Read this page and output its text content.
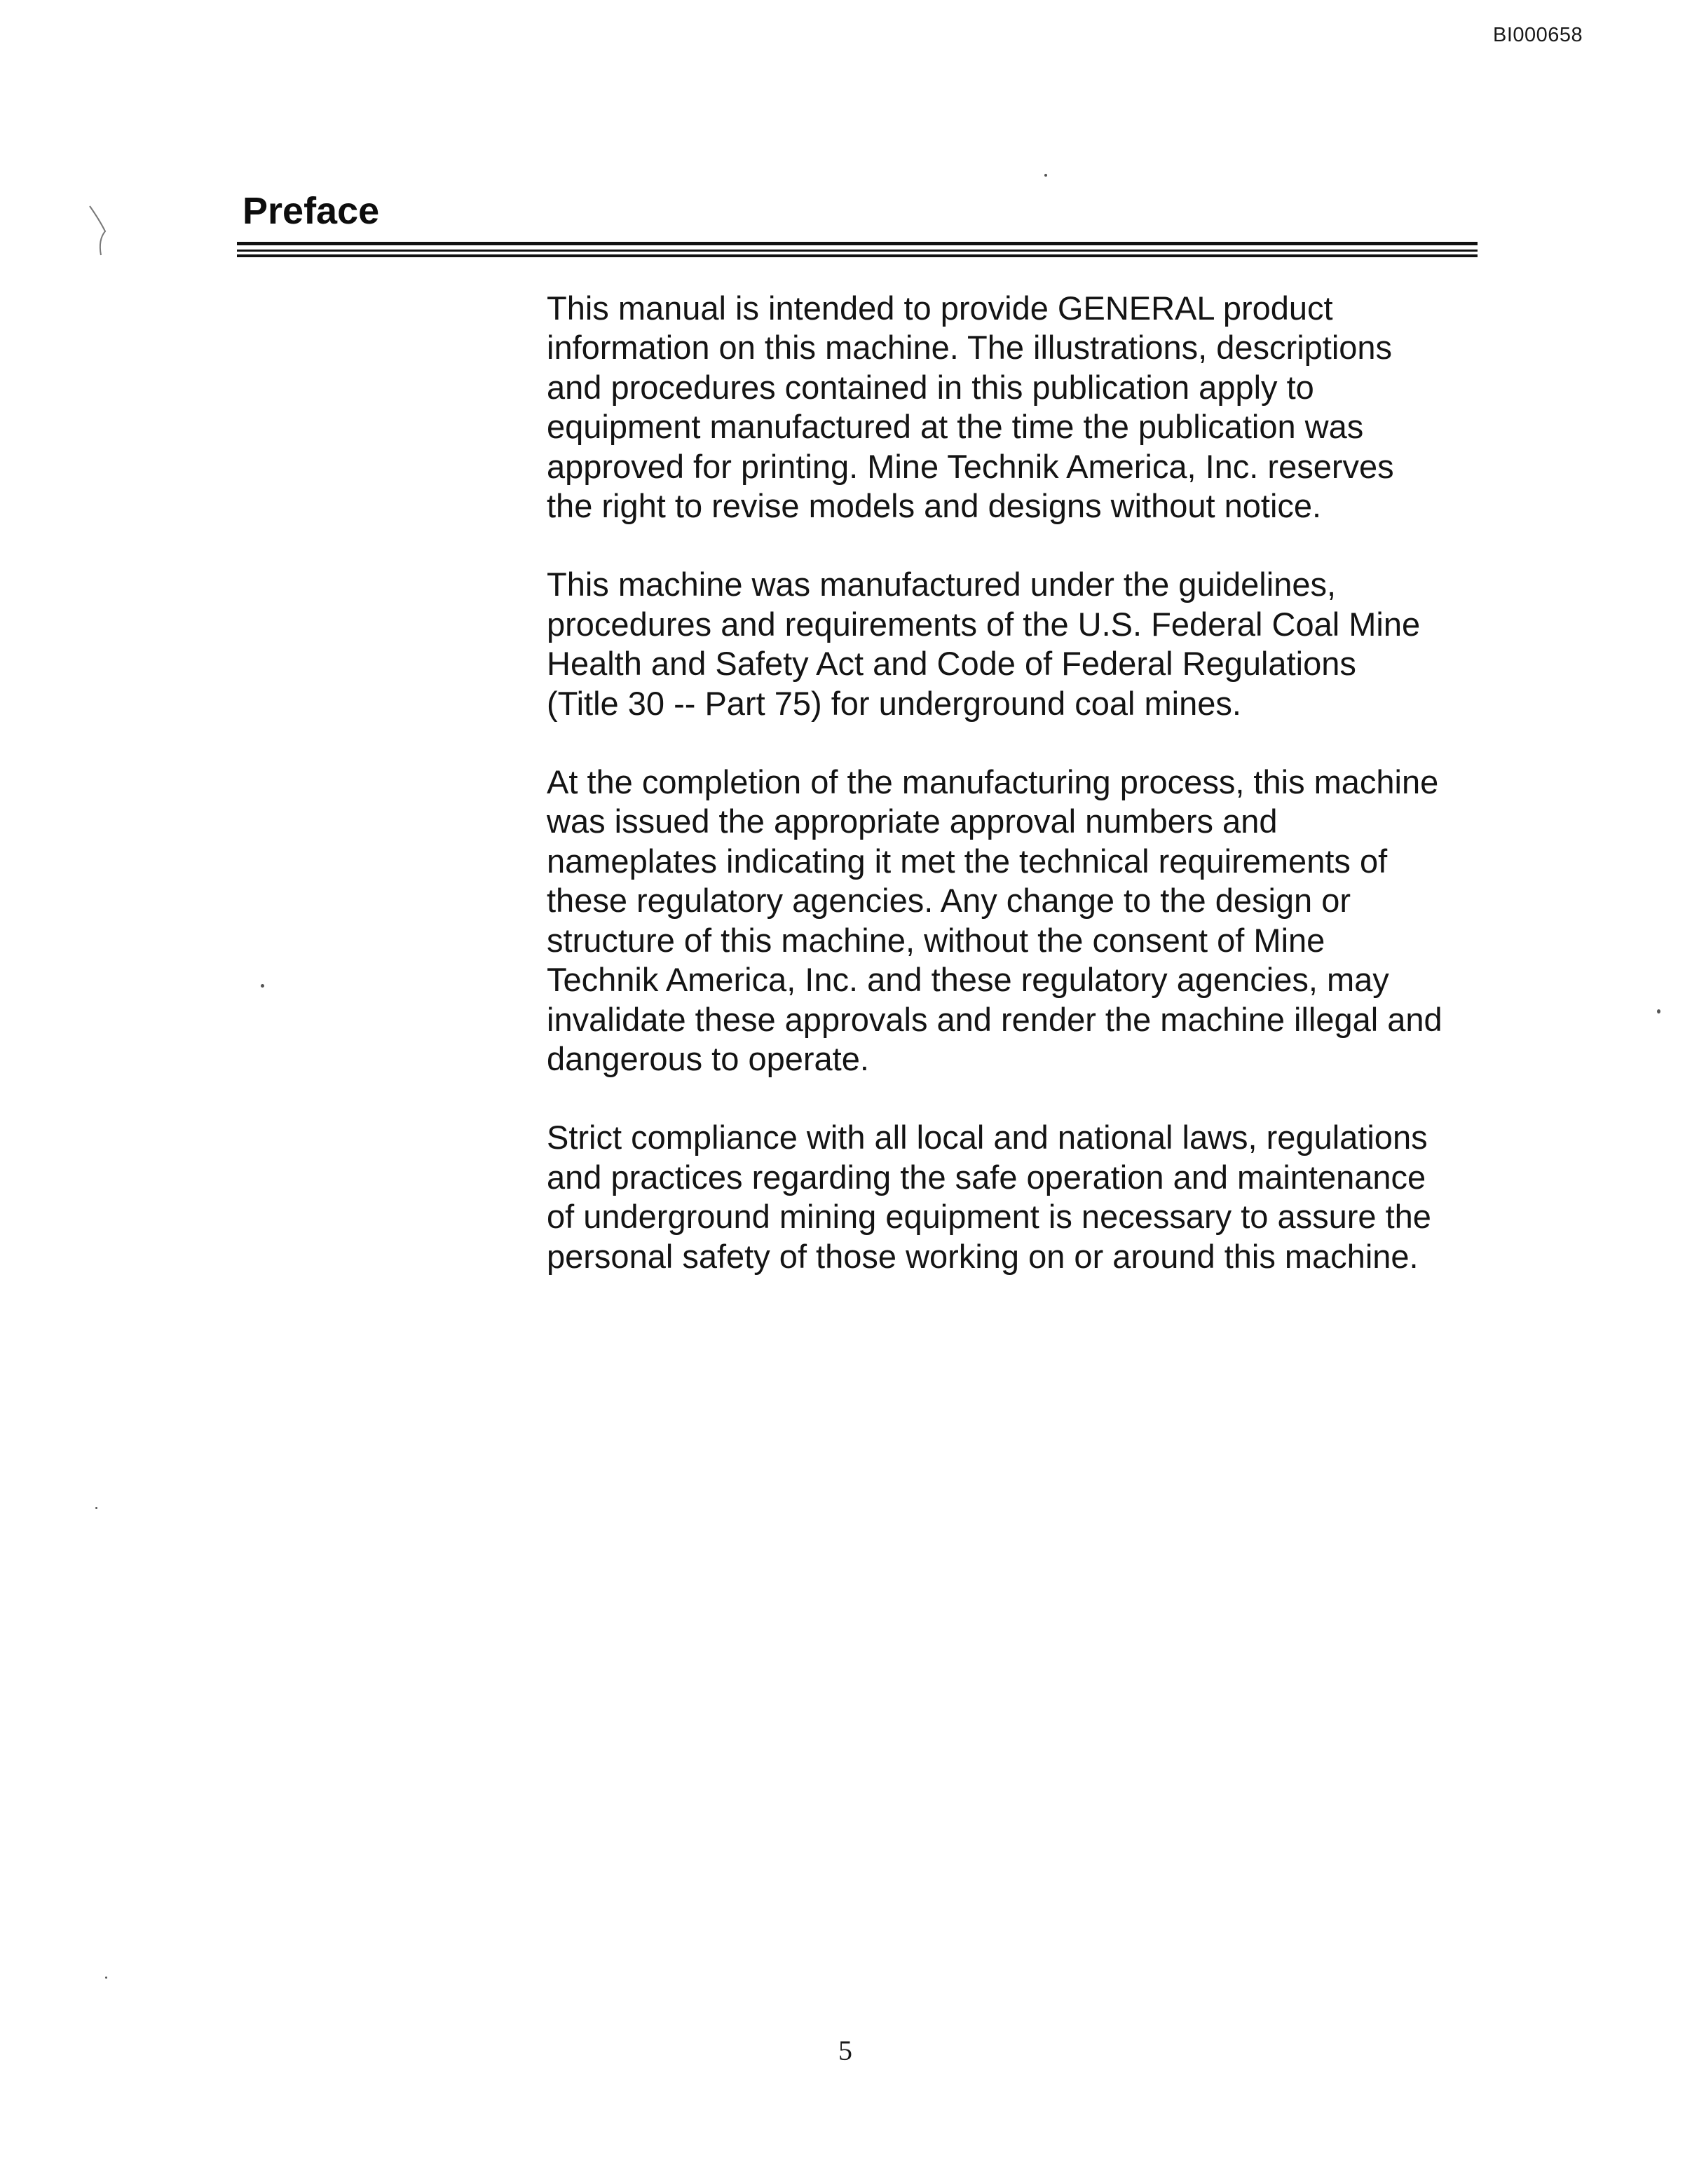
BI000658
Preface

This manual is intended to provide GENERAL product
information on this machine. The illustrations, descriptions
and procedures contained in this publication apply to
equipment manufactured at the time the publication was
approved for printing. Mine Technik America, Inc. reserves
the right to revise models and designs without notice.

This machine was manufactured under the guidelines,
procedures and requirements of the U.S. Federal Coal Mine
Health and Safety Act and Code of Federal Regulations
(Title 30 -- Part 75) for underground coal mines.

At the completion of the manufacturing process, this machine
was issued the appropriate approval numbers and
nameplates indicating it met the technical requirements of
these regulatory agencies. Any change to the design or
structure of this machine, without the consent of Mine
Technik America, Inc. and these regulatory agencies, may
invalidate these approvals and render the machine illegal and
dangerous to operate.

Strict compliance with all local and national laws, regulations
and practices regarding the safe operation and maintenance
of underground mining equipment is necessary to assure the
personal safety of those working on or around this machine.

5
